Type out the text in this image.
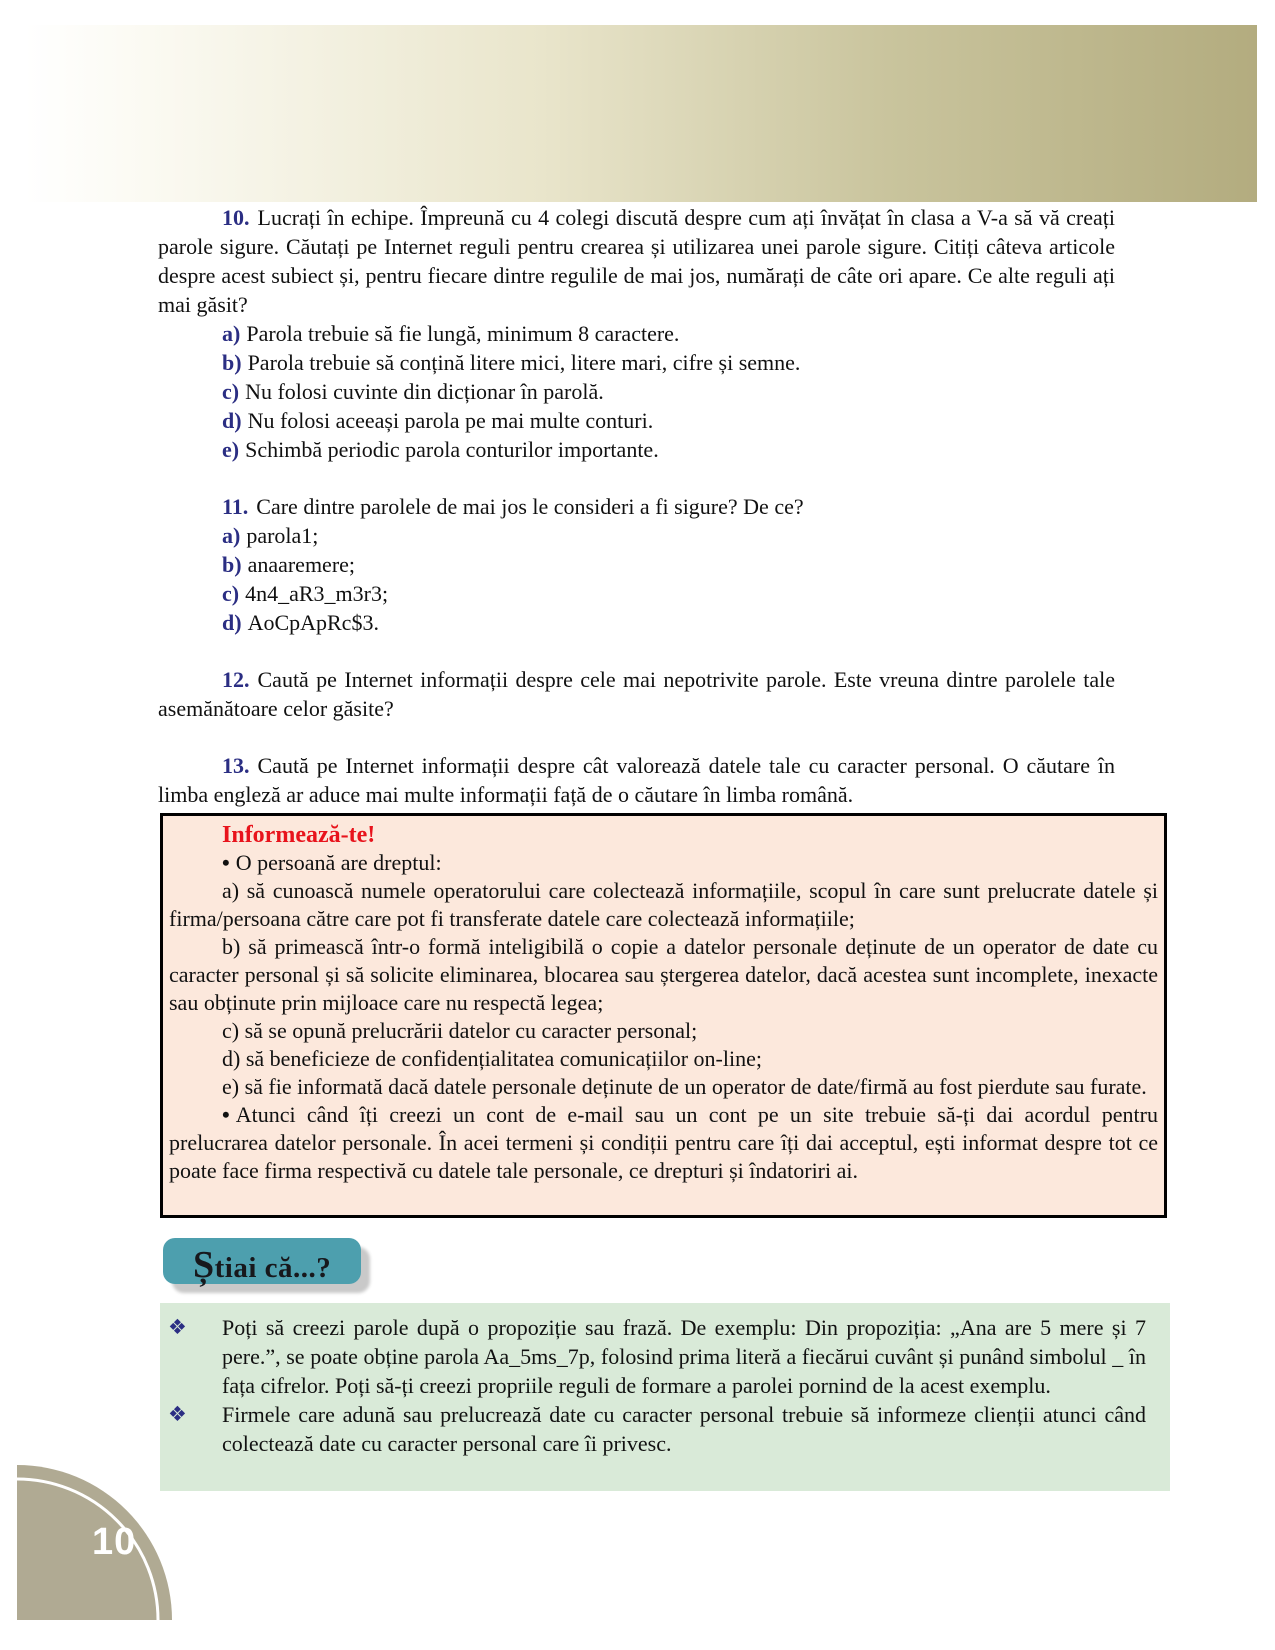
10. Lucrați în echipe. Împreună cu 4 colegi discută despre cum ați învățat în clasa a V-a să vă creați parole sigure. Căutați pe Internet reguli pentru crearea și utilizarea unei parole sigure. Citiți câteva articole despre acest subiect și, pentru fiecare dintre regulile de mai jos, numărați de câte ori apare. Ce alte reguli ați mai găsit?

a) Parola trebuie să fie lungă, minimum 8 caractere.
b) Parola trebuie să conțină litere mici, litere mari, cifre și semne.
c) Nu folosi cuvinte din dicționar în parolă.
d) Nu folosi aceeași parola pe mai multe conturi.
e) Schimbă periodic parola conturilor importante.

11. Care dintre parolele de mai jos le consideri a fi sigure? De ce?

a) parola1;
b) anaaremere;
c) 4n4_aR3_m3r3;
d) AoCpApRc$3.

12. Caută pe Internet informații despre cele mai nepotrivite parole. Este vreuna dintre parolele tale asemănătoare celor găsite?

13. Caută pe Internet informații despre cât valorează datele tale cu caracter personal. O căutare în limba engleză ar aduce mai multe informații față de o căutare în limba română.

Informează-te!

• O persoană are dreptul:

a) să cunoască numele operatorului care colectează informațiile, scopul în care sunt prelucrate datele și firma/persoana către care pot fi transferate datele care colectează informațiile;

b) să primească într-o formă inteligibilă o copie a datelor personale deținute de un operator de date cu caracter personal și să solicite eliminarea, blocarea sau ștergerea datelor, dacă acestea sunt incomplete, inexacte sau obținute prin mijloace care nu respectă legea;

c) să se opună prelucrării datelor cu caracter personal;

d) să beneficieze de confidențialitatea comunicațiilor on-line;

e) să fie informată dacă datele personale deținute de un operator de date/firmă au fost pierdute sau furate.

• Atunci când îți creezi un cont de e-mail sau un cont pe un site trebuie să-ți dai acordul pentru prelucrarea datelor personale. În acei termeni și condiții pentru care îți dai acceptul, ești informat despre tot ce poate face firma respectivă cu datele tale personale, ce drepturi și îndatoriri ai.

Știai că...?
❖	Poți să creezi parole după o propoziție sau frază. De exemplu: Din propoziția: „Ana are 5 mere și 7 pere.”, se poate obține parola Aa_5ms_7p, folosind prima literă a fiecărui cuvânt și punând simbolul _ în fața cifrelor. Poți să-ți creezi propriile reguli de formare a parolei pornind de la acest exemplu.
❖	Firmele care adună sau prelucrează date cu caracter personal trebuie să informeze clienții atunci când colectează date cu caracter personal care îi privesc.
10
